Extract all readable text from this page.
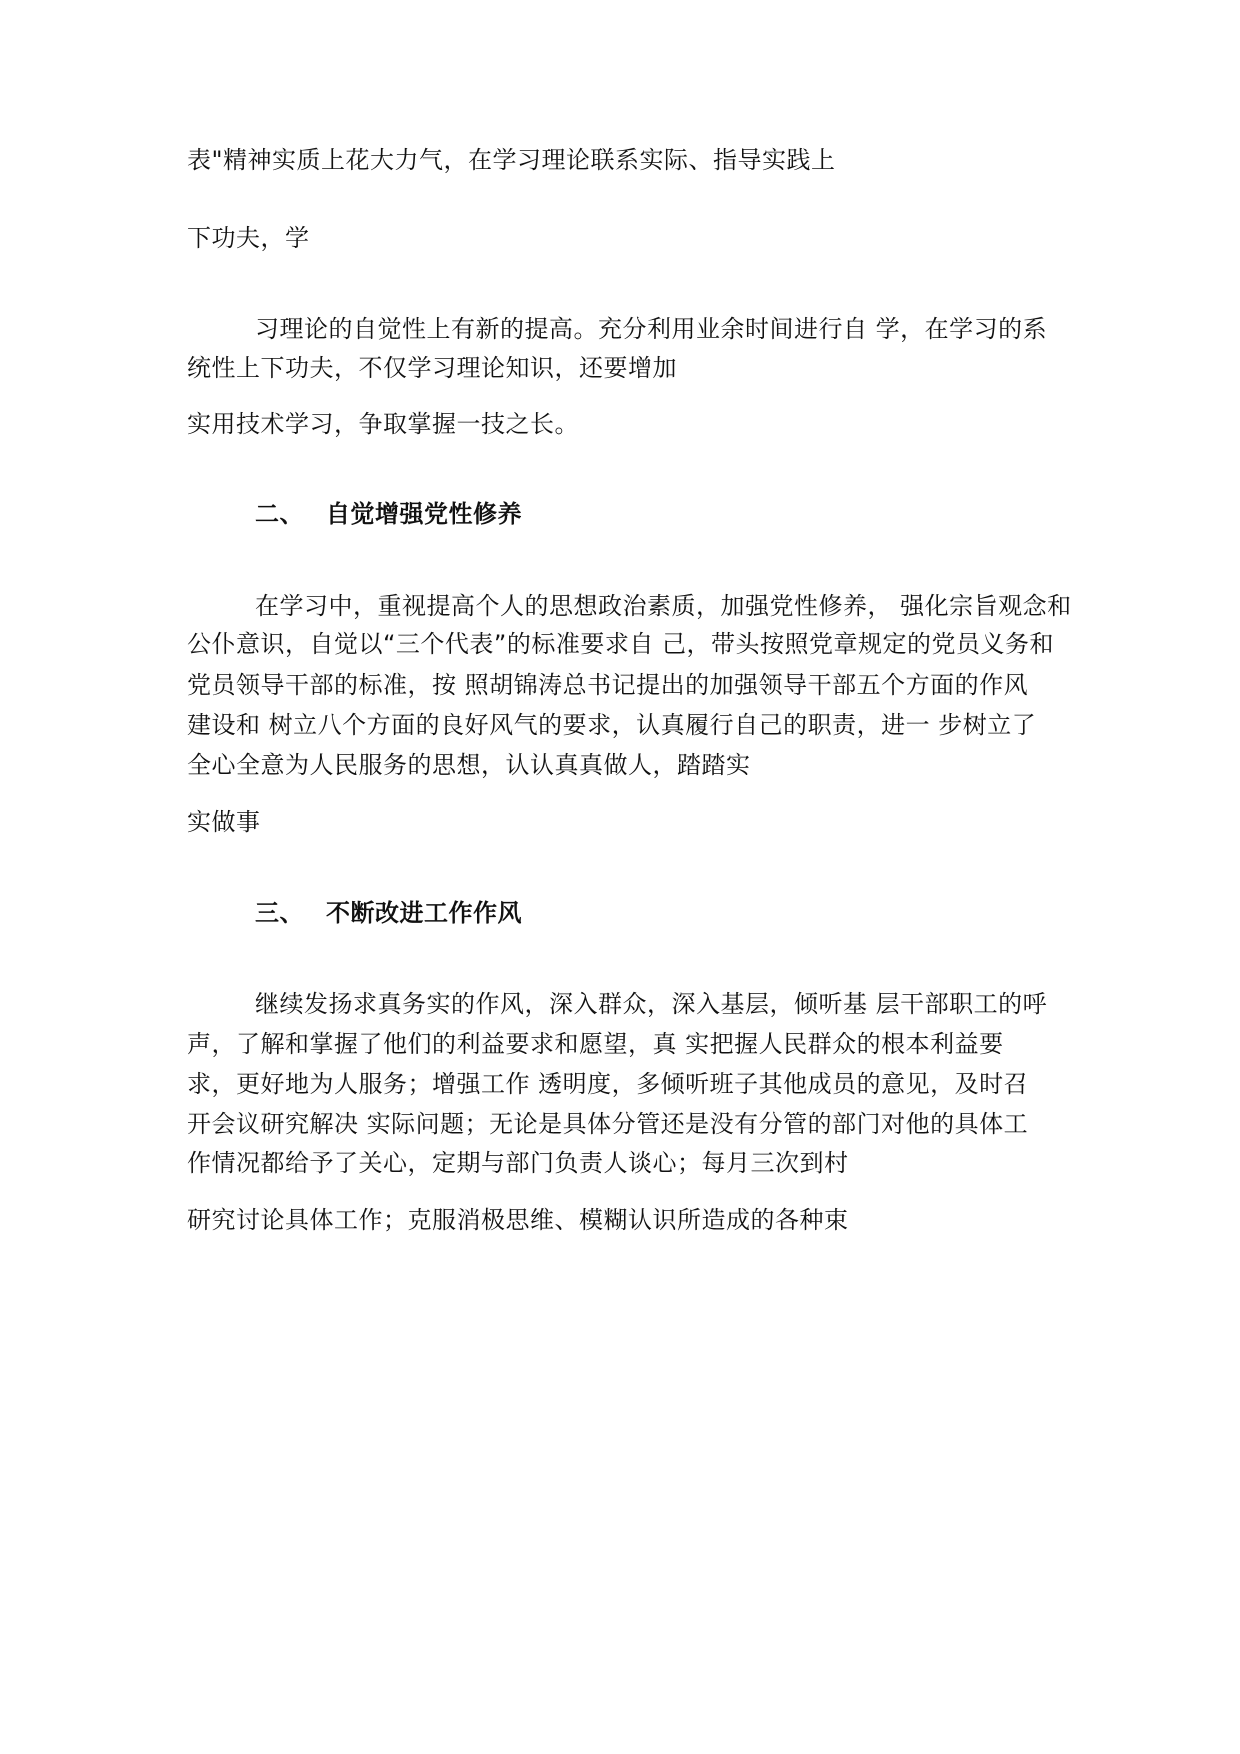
表"精神实质上花大力气，在学习理论联系实际、指导实践上
下功夫，学
习理论的自觉性上有新的提高。充分利用业余时间进行自 学，在学习的系
统性上下功夫，不仅学习理论知识，还要增加
实用技术学习，争取掌握一技之长。
二、 自觉增强党性修养
在学习中，重视提高个人的思想政治素质，加强党性修养， 强化宗旨观念和
公仆意识，自觉以“三个代表”的标准要求自 己，带头按照党章规定的党员义务和
党员领导干部的标准，按 照胡锦涛总书记提出的加强领导干部五个方面的作风
建设和 树立八个方面的良好风气的要求，认真履行自己的职责，进一 步树立了
全心全意为人民服务的思想，认认真真做人，踏踏实
实做事
三、 不断改进工作作风
继续发扬求真务实的作风，深入群众，深入基层，倾听基 层干部职工的呼
声，了解和掌握了他们的利益要求和愿望，真 实把握人民群众的根本利益要
求，更好地为人服务；增强工作 透明度，多倾听班子其他成员的意见，及时召
开会议研究解决 实际问题；无论是具体分管还是没有分管的部门对他的具体工
作情况都给予了关心，定期与部门负责人谈心；每月三次到村
研究讨论具体工作；克服消极思维、模糊认识所造成的各种束
